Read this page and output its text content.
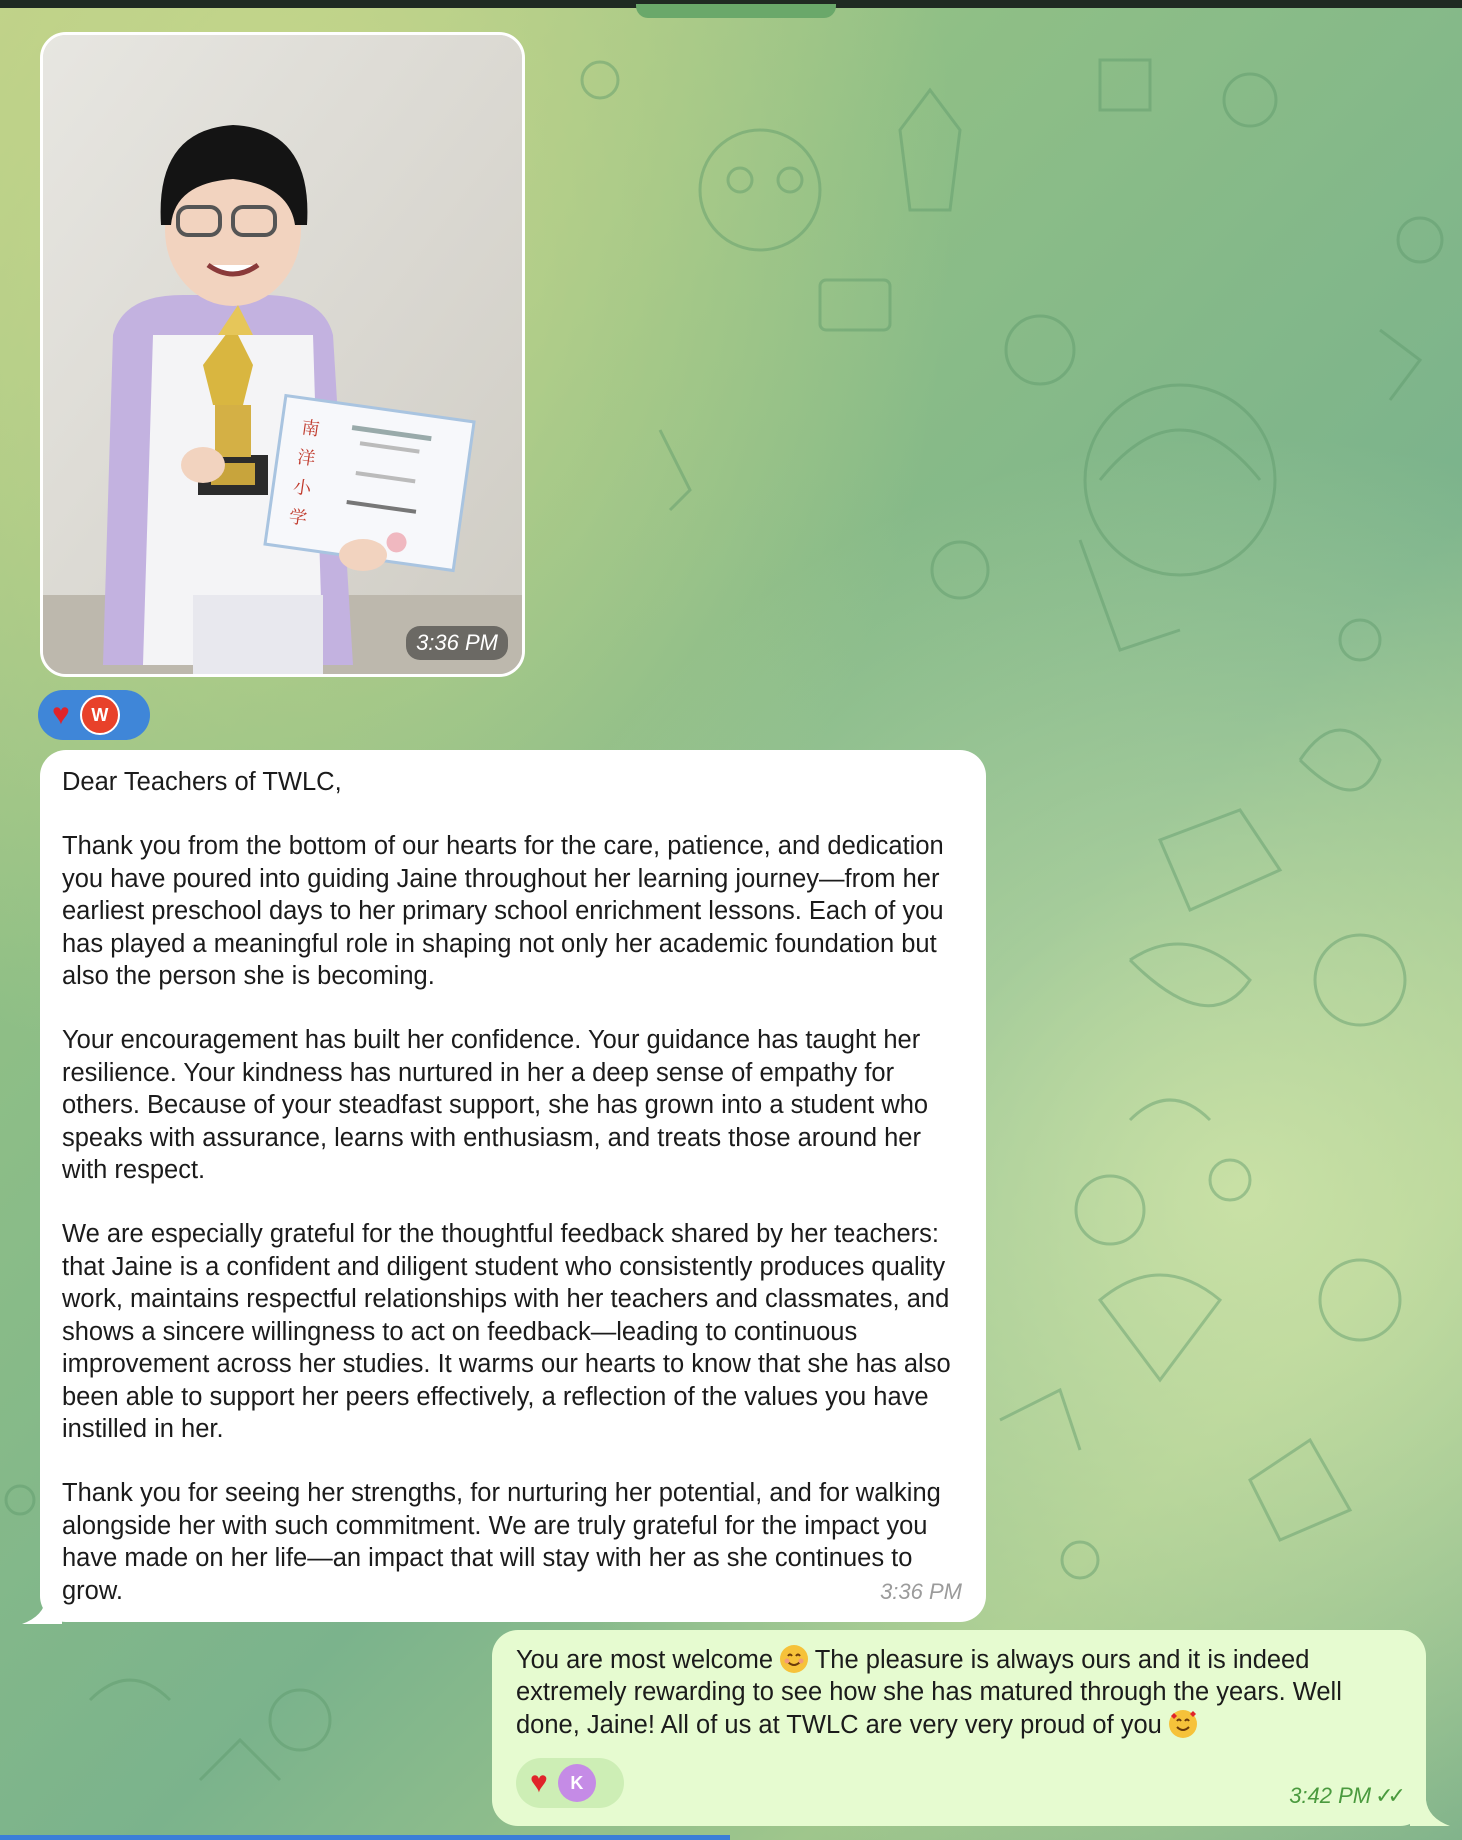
南
洋
小
学
3:36 PM
♥	W

Dear Teachers of TWLC,

Thank you from the bottom of our hearts for the care, patience, and dedication you have poured into guiding Jaine throughout her learning journey—from her earliest preschool days to her primary school enrichment lessons. Each of you has played a meaningful role in shaping not only her academic foundation but also the person she is becoming.

Your encouragement has built her confidence. Your guidance has taught her resilience. Your kindness has nurtured in her a deep sense of empathy for others. Because of your steadfast support, she has grown into a student who speaks with assurance, learns with enthusiasm, and treats those around her with respect.

We are especially grateful for the thoughtful feedback shared by her teachers: that Jaine is a confident and diligent student who consistently produces quality work, maintains respectful relationships with her teachers and classmates, and shows a sincere willingness to act on feedback—leading to continuous improvement across her studies. It warms our hearts to know that she has also been able to support her peers effectively, a reflection of the values you have instilled in her.

Thank you for seeing her strengths, for nurturing her potential, and for walking alongside her with such commitment. We are truly grateful for the impact you have made on her life—an impact that will stay with her as she continues to grow.	3:36 PM
You are most welcome  The pleasure is always ours and it is indeed extremely rewarding to see how she has matured through the years. Well done, Jaine! All of us at TWLC are very very proud of you
♥	K	3:42 PM ✓✓
